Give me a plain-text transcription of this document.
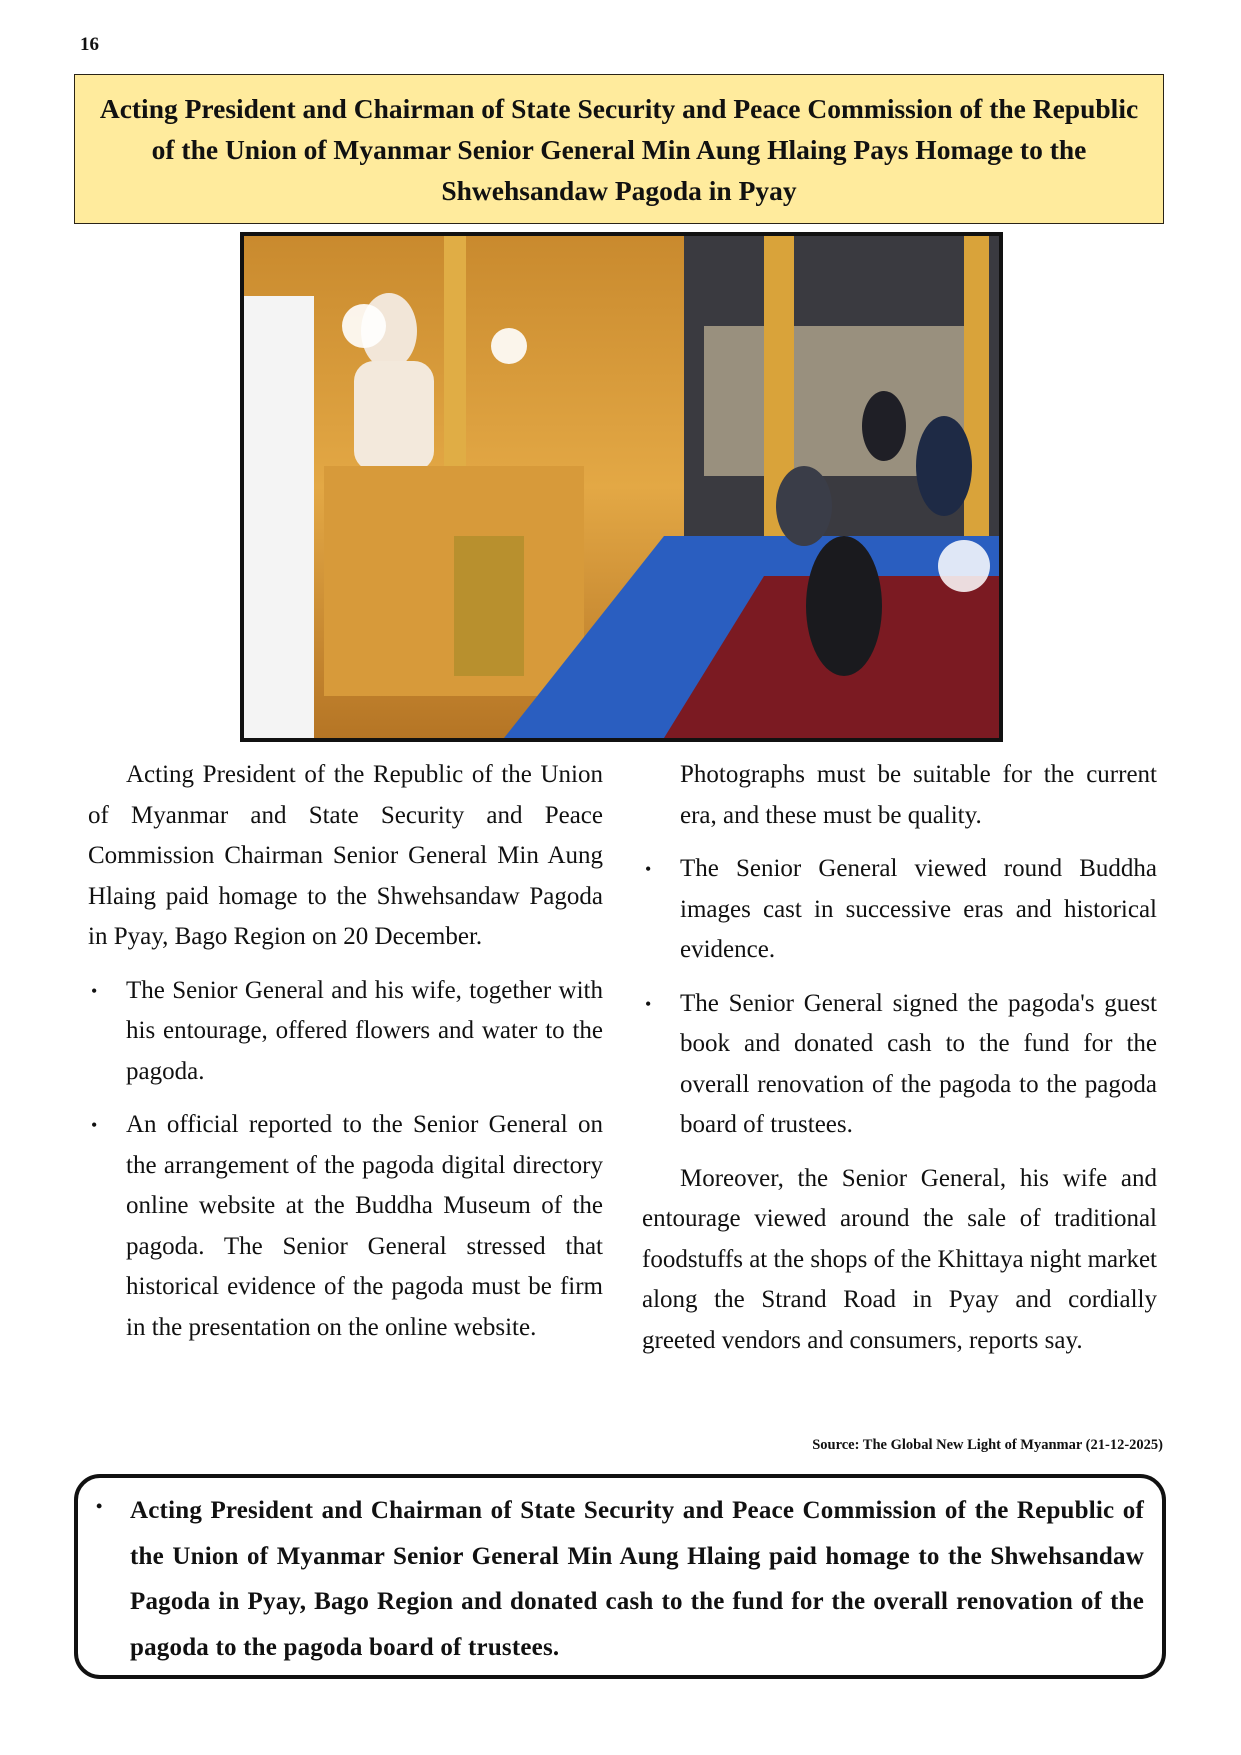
16
Acting President and Chairman of State Security and Peace Commission of the Republic of the Union of Myanmar Senior General Min Aung Hlaing Pays Homage to the Shwehsandaw Pagoda in Pyay

Acting President of the Republic of the Union of Myanmar and State Security and Peace Commission Chairman Senior General Min Aung Hlaing paid homage to the Shwehsandaw Pagoda in Pyay, Bago Region on 20 December.

• The Senior General and his wife, together with his entourage, offered flowers and water to the pagoda.
• An official reported to the Senior General on the arrangement of the pagoda digital directory online website at the Buddha Museum of the pagoda. The Senior General stressed that historical evidence of the pagoda must be firm in the presentation on the online website.

Photographs must be suitable for the current era, and these must be quality.

• The Senior General viewed round Buddha images cast in successive eras and historical evidence.
• The Senior General signed the pagoda's guest book and donated cash to the fund for the overall renovation of the pagoda to the pagoda board of trustees.

Moreover, the Senior General, his wife and entourage viewed around the sale of traditional foodstuffs at the shops of the Khittaya night market along the Strand Road in Pyay and cordially greeted vendors and consumers, reports say.

Source: The Global New Light of Myanmar (21-12-2025)
• Acting President and Chairman of State Security and Peace Commission of the Republic of the Union of Myanmar Senior General Min Aung Hlaing paid homage to the Shwehsandaw Pagoda in Pyay, Bago Region and donated cash to the fund for the overall renovation of the pagoda to the pagoda board of trustees.
